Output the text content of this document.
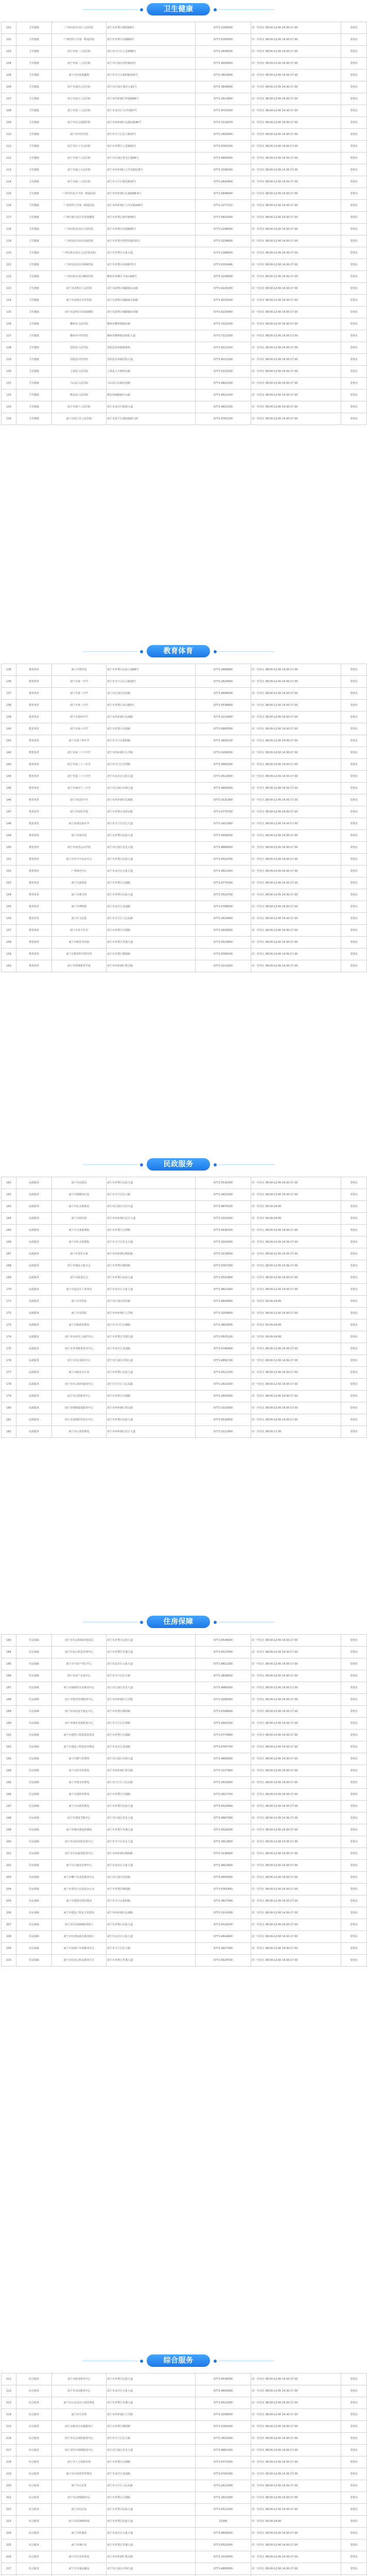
卫生健康
101	卫生健康	广西壮族自治区人民医院	南宁市青秀区桃源路6号	0771-2186000	周一至周日 08:00-12:00 14:30-17:30	受理点
102	卫生健康	广西医科大学第一附属医院	南宁市青秀区双拥路6号	0771-5356500	周一至周日 08:00-12:00 14:30-17:30	受理点
103	卫生健康	南宁市第一人民医院	南宁市兴宁区七星路89号	0771-2636500	周一至周日 08:00-12:00 14:30-17:30	受理点
104	卫生健康	南宁市第二人民医院	南宁市江南区淡村路13号	0771-4918000	周一至周日 08:00-12:00 14:30-17:30	受理点
105	卫生健康	南宁市妇幼保健院	南宁市兴宁区新阳路225号	0771-3813600	周一至周日 08:00-12:00 14:30-17:30	受理点
106	卫生健康	南宁市第四人民医院	南宁市江南区那洪大道1号	0771-3836600	周一至周日 08:00-12:00 14:30-17:30	受理点
107	卫生健康	南宁市第五人民医院	南宁市西乡塘区华强路89号	0771-2613800	周一至周日 08:00-12:00 14:30-17:30	受理点
108	卫生健康	南宁市第八人民医院	南宁市良庆区大沙田路7号	0771-4725500	周一至周日 08:00-12:00 14:30-17:30	受理点
109	卫生健康	南宁市社会福利医院	南宁市西乡塘区北湖北路46号	0771-3119070	周一至周日 08:00-12:00 14:30-17:30	受理点
110	卫生健康	南宁市中医医院	南宁市兴宁区民主路10号	0771-2829000	周一至周日 08:00-12:00 14:30-17:30	受理点
111	卫生健康	南宁市红十字会医院	南宁市青秀区七星路63号	0771-5305100	周一至周日 08:00-12:00 14:30-17:30	受理点
112	卫生健康	南宁市第六人民医院	南宁市江南区星光大道46号	0771-4850900	周一至周日 08:00-12:00 14:30-17:30	受理点
113	卫生健康	南宁市第七人民医院	南宁市西乡塘区大学东路118号	0771-3199200	周一至周日 08:00-12:00 14:30-17:30	受理点
114	卫生健康	南宁市第三人民医院	南宁市兴宁区新民路16号	0771-2826400	周一至周日 08:00-12:00 14:30-17:30	受理点
115	卫生健康	广西中医药大学第一附属医院	南宁市西乡塘区东葛路89-9号	0771-5848000	周一至周日 08:00-12:00 14:30-17:30	受理点
116	卫生健康	广西医科大学第二附属医院	南宁市西乡塘区大学东路166号	0771-3277222	周一至周日 08:00-12:00 14:30-17:30	受理点
117	卫生健康	广西壮族自治区妇幼保健院	南宁市青秀区新竹路59号	0771-5610000	周一至周日 08:00-12:00 14:30-17:30	受理点
118	卫生健康	广西壮族自治区江滨医院	南宁市青秀区河堤路85号	0771-2198000	周一至周日 08:00-12:00 14:30-17:30	受理点
119	卫生健康	广西壮族自治区民族医院	南宁市青秀区明秀东路232号	0771-3238600	周一至周日 08:00-12:00 14:30-17:30	受理点
120	卫生健康	广西壮族自治区人民医院东院	南宁市青秀区五象大道	0771-2186600	周一至周日 08:00-12:00 14:30-17:30	受理点
121	卫生健康	广西壮族自治区肿瘤医院	南宁市青秀区河堤路71号	0771-5331466	周一至周日 08:00-12:00 14:30-17:30	受理点
122	卫生健康	广西壮族自治区胸科医院	柳州市鱼峰区羊角山路8号	0772-3156000	周一至周日 08:00-12:00 14:30-17:30	受理点
123	卫生健康	南宁市武鸣区人民医院	南宁市武鸣区城厢镇友谊路	0771-6225200	周一至周日 08:00-12:00 14:30-17:30	受理点
124	卫生健康	南宁市武鸣区中医医院	南宁市武鸣区城厢镇灵源路	0771-6225300	周一至周日 08:00-12:00 14:30-17:30	受理点
125	卫生健康	南宁市武鸣区妇幼保健院	南宁市武鸣区城厢镇标营路	0771-6225400	周一至周日 08:00-12:00 14:30-17:30	受理点
126	卫生健康	横州市人民医院	横州市横州镇城东路	0771-7222100	周一至周日 08:00-12:00 14:30-17:30	受理点
127	卫生健康	横州市中医医院	横州市横州镇茉莉花大道	0771-7222200	周一至周日 08:00-12:00 14:30-17:30	受理点
128	卫生健康	宾阳县人民医院	宾阳县宾州镇新桥街	0771-8222100	周一至周日 08:00-12:00 14:30-17:30	受理点
129	卫生健康	宾阳县中医医院	宾阳县宾州镇宾阳大道	0771-8222200	周一至周日 08:00-12:00 14:30-17:30	受理点
130	卫生健康	上林县人民医院	上林县大丰镇明山路	0771-5222100	周一至周日 08:00-12:00 14:30-17:30	受理点
131	卫生健康	马山县人民医院	马山县白山镇民族路	0771-6822100	周一至周日 08:00-12:00 14:30-17:30	受理点
132	卫生健康	隆安县人民医院	隆安县城厢镇中山路	0771-6522100	周一至周日 08:00-12:00 14:30-17:30	受理点
133	卫生健康	南宁市第十人民医院	南宁市良庆区银海大道	0771-4822100	周一至周日 08:00-12:00 14:30-17:30	受理点
134	卫生健康	南宁市邕宁区人民医院	南宁市邕宁区蒲庙镇新兴街	0771-4702100	周一至周日 08:00-12:00 14:30-17:30	受理点
教育体育
135	教育体育	南宁市教育局	南宁市青秀区民族大道88号	0771-2806600	周一至周五 08:00-12:00 14:30-17:30	受理点
136	教育体育	南宁市第一中学	南宁市兴宁区民主路19号	0771-2824500	周一至周五 08:00-12:00 14:30-17:30	受理点
137	教育体育	南宁市第二中学	南宁市江南区淡村路	0771-4846000	周一至周五 08:00-12:00 14:30-17:30	受理点
138	教育体育	南宁市第三中学	南宁市青秀区青山路5号	0771-5538400	周一至周五 08:00-12:00 14:30-17:30	受理点
139	教育体育	南宁市第四中学	南宁市西乡塘区北湖路	0771-3112600	周一至周五 08:00-12:00 14:30-17:30	受理点
140	教育体育	南宁市第八中学	南宁市青秀区东葛路	0771-5863500	周一至周五 08:00-12:00 14:30-17:30	受理点
141	教育体育	南宁市第十四中学	南宁市兴宁区新阳路	0771-3816100	周一至周五 08:00-12:00 14:30-17:30	受理点
142	教育体育	南宁市第二十六中学	南宁市西乡塘区大学路	0771-3206200	周一至周五 08:00-12:00 14:30-17:30	受理点
143	教育体育	南宁市第三十三中学	南宁市兴宁区长堽路	0771-5665200	周一至周五 08:00-12:00 14:30-17:30	受理点
144	教育体育	南宁市第三十六中学	南宁市良庆区五象大道	0771-4512600	周一至周五 08:00-12:00 14:30-17:30	受理点
145	教育体育	南宁市第四十二中学	南宁市江南区壮锦大道	0771-4893000	周一至周五 08:00-12:00 14:30-17:30	受理点
146	教育体育	南宁市民族中学	南宁市西乡塘区民族路	0771-3131000	周一至周五 08:00-12:00 14:30-17:30	受理点
147	教育体育	南宁外国语学校	南宁市青秀区凤岭北路	0771-5770700	周一至周五 08:00-12:00 14:30-17:30	受理点
148	教育体育	南宁沛鸿民族中学	南宁市兴宁区昆仑大道	0771-3911900	周一至周五 08:00-12:00 14:30-17:30	受理点
149	教育体育	南宁市体育局	南宁市青秀区民族大道	0771-5658200	周一至周五 08:00-12:00 14:30-17:30	受理点
150	教育体育	南宁市体育运动学校	南宁市江南区星光大道	0771-4866800	周一至周五 08:00-12:00 14:30-17:30	受理点
151	教育体育	南宁市青少年活动中心	南宁市青秀区民族大道	0771-5519700	周一至周五 08:00-12:00 14:30-17:30	受理点
152	教育体育	广西体育中心	南宁市良庆区五象大道	0771-4811000	周一至周五 08:00-12:00 14:30-17:30	受理点
153	教育体育	南宁市游泳馆	南宁市青秀区长湖路	0771-5775200	周一至周五 08:00-12:00 14:30-17:30	受理点
154	教育体育	南宁市图书馆	南宁市青秀区民族大道	0771-5513700	周一至周五 08:00-12:00 14:30-17:30	受理点
155	教育体育	南宁市博物馆	南宁市良庆区龙堤路	0771-5798500	周一至周五 08:00-12:00 14:30-17:30	受理点
156	教育体育	南宁市文化馆	南宁市兴宁区人民东路	0771-2619400	周一至周五 08:00-12:00 14:30-17:30	受理点
157	教育体育	南宁市青少年宫	南宁市青秀区古城路	0771-2818500	周一至周五 08:00-12:00 14:30-17:30	受理点
158	教育体育	南宁市教育考试院	南宁市青秀区竹溪大道	0771-5523600	周一至周五 08:00-12:00 14:30-17:30	受理点
159	教育体育	南宁市教育科学研究所	南宁市青秀区桃源路	0771-5309100	周一至周五 08:00-12:00 14:30-17:30	受理点
160	教育体育	南宁市特殊教育学校	南宁市西乡塘区秀灵路	0771-3113200	周一至周五 08:00-12:00 14:30-17:30	受理点
民政服务
161	民政服务	南宁市民政局	南宁市青秀区民族大道	0771-5531000	周一至周五 08:00-12:00 14:30-17:30	受理点
162	民政服务	南宁市婚姻登记处	南宁市兴宁区民主路	0771-2822200	周一至周五 08:00-12:00 14:30-17:30	受理点
163	民政服务	南宁市社会救助站	南宁市江南区白沙大道	0771-4870100	周一至周日 00:00-24:00	受理点
164	民政服务	南宁市殡仪馆	南宁市西乡塘区安吉大道	0771-3110200	周一至周日 00:00-24:00	受理点
165	民政服务	南宁市儿童福利院	南宁市青秀区长堽路	0771-5630100	周一至周五 08:00-12:00 14:30-17:30	受理点
166	民政服务	南宁市社会福利院	南宁市兴宁区昆仑大道	0771-3910500	周一至周五 08:00-12:00 14:30-17:30	受理点
167	民政服务	南宁市老年公寓	南宁市西乡塘区衡阳路	0771-3133500	周一至周五 08:00-12:00 14:30-17:30	受理点
168	民政服务	南宁市残疾人联合会	南宁市青秀区桃源路	0771-5307200	周一至周五 08:00-12:00 14:30-17:30	受理点
169	民政服务	南宁市慈善总会	南宁市青秀区民族大道	0771-5510400	周一至周五 08:00-12:00 14:30-17:30	受理点
170	民政服务	南宁市退役军人事务局	南宁市良庆区五象大道	0771-4811600	周一至周五 08:00-12:00 14:30-17:30	受理点
171	民政服务	南宁市军供站	南宁市江南区淡村路	0771-4843800	周一至周日 00:00-24:00	受理点
172	民政服务	南宁市光荣院	南宁市西乡塘区大学路	0771-3203800	周一至周五 08:00-12:00 14:30-17:30	受理点
173	民政服务	南宁市救助管理站	南宁市兴宁区长湖路	0771-3822600	周一至周日 00:00-24:00	受理点
174	民政服务	南宁市未成年人保护中心	南宁市青秀区竹溪大道	0771-5525100	周一至周日 00:00-24:00	受理点
175	民政服务	南宁市养老服务指导中心	南宁市良庆区龙堤路	0771-5796400	周一至周五 08:00-12:00 14:30-17:30	受理点
176	民政服务	南宁市社区服务中心	南宁市江南区壮锦大道	0771-4891700	周一至周五 08:00-12:00 14:30-17:30	受理点
177	民政服务	南宁市地名办公室	南宁市青秀区民族大道	0771-5512700	周一至周五 08:00-12:00 14:30-17:30	受理点
178	民政服务	南宁市社会组织服务中心	南宁市兴宁区人民东路	0771-2613100	周一至周五 08:00-12:00 14:30-17:30	受理点
179	民政服务	南宁市志愿服务中心	南宁市青秀区古城路	0771-2816300	周一至周五 08:00-12:00 14:30-17:30	受理点
180	民政服务	南宁市婚姻家庭服务中心	南宁市西乡塘区秀灵路	0771-3119300	周一至周五 08:00-12:00 14:30-17:30	受理点
181	民政服务	南宁市福利彩票发行中心	南宁市青秀区民族大道	0771-5532600	周一至周五 08:00-12:00 14:30-17:30	受理点
182	民政服务	南宁市公墓管理处	南宁市西乡塘区安吉大道	0771-3111800	周一至周日 08:00-17:30	受理点
住房保障
183	住房保障	南宁市住房和城乡建设局	南宁市青秀区民族大道	0771-5539000	周一至周五 08:00-12:00 14:30-17:30	受理点
184	住房保障	南宁住房公积金管理中心	南宁市青秀区竹溪大道	0771-5527000	周一至周五 08:00-12:00 14:30-17:30	受理点
185	住房保障	南宁市不动产登记中心	南宁市良庆区五象大道	0771-4812200	周一至周五 08:00-12:00 14:30-17:30	受理点
186	住房保障	南宁市房产交易中心	南宁市兴宁区民主路	0771-2828000	周一至周五 08:00-12:00 14:30-17:30	受理点
187	住房保障	南宁市保障性住房服务中心	南宁市江南区星光大道	0771-4860500	周一至周五 08:00-12:00 14:30-17:30	受理点
188	住房保障	南宁市物业管理服务中心	南宁市西乡塘区大学路	0771-3208300	周一至周五 08:00-12:00 14:30-17:30	受理点
189	住房保障	南宁市房屋安全鉴定中心	南宁市青秀区桃源路	0771-5308600	周一至周五 08:00-12:00 14:30-17:30	受理点
190	住房保障	南宁市城市更新服务中心	南宁市兴宁区长堽路	0771-5663100	周一至周五 08:00-12:00 14:30-17:30	受理点
191	住房保障	南宁市建筑工程质量监督站	南宁市青秀区长湖路	0771-5773800	周一至周五 08:00-12:00 14:30-17:30	受理点
192	住房保障	南宁市建设工程造价管理站	南宁市良庆区龙堤路	0771-5797700	周一至周五 08:00-12:00 14:30-17:30	受理点
193	住房保障	南宁市燃气管理所	南宁市江南区壮锦大道	0771-4892600	周一至周五 08:00-12:00 14:30-17:30	受理点
194	住房保障	南宁市供水管理处	南宁市西乡塘区秀灵路	0771-3117900	周一至周五 08:00-12:00 14:30-17:30	受理点
195	住房保障	南宁市排水管理处	南宁市兴宁区人民东路	0771-2615800	周一至周五 08:00-12:00 14:30-17:30	受理点
196	住房保障	南宁市园林管理局	南宁市青秀区古城路	0771-2817700	周一至周五 08:00-12:00 14:30-17:30	受理点
197	住房保障	南宁市市政管理处	南宁市青秀区民族大道	0771-5514900	周一至周五 08:00-12:00 14:30-17:30	受理点
198	住房保障	南宁市建筑节能中心	南宁市江南区星光大道	0771-4867300	周一至周五 08:00-12:00 14:30-17:30	受理点
199	住房保障	南宁市城市建设档案馆	南宁市青秀区竹溪大道	0771-5526200	周一至周五 08:00-12:00 14:30-17:30	受理点
200	住房保障	南宁市房屋征收补偿中心	南宁市兴宁区昆仑大道	0771-3912800	周一至周五 08:00-12:00 14:30-17:30	受理点
201	住房保障	南宁市住房租赁服务中心	南宁市西乡塘区衡阳路	0771-3136400	周一至周五 08:00-12:00 14:30-17:30	受理点
202	住房保障	南宁市公租房管理中心	南宁市良庆区五象大道	0771-4813900	周一至周五 08:00-12:00 14:30-17:30	受理点
203	住房保障	南宁市棚户区改造服务中心	南宁市江南区淡村路	0771-4847600	周一至周五 08:00-12:00 14:30-17:30	受理点
204	住房保障	南宁市老旧小区改造办公室	南宁市青秀区桃源路	0771-5301800	周一至周五 08:00-12:00 14:30-17:30	受理点
205	住房保障	南宁市建筑市场管理站	南宁市兴宁区新阳路	0771-3817400	周一至周五 08:00-12:00 14:30-17:30	受理点
206	住房保障	南宁市建设工程安全监督站	南宁市西乡塘区北湖路	0771-3114300	周一至周五 08:00-12:00 14:30-17:30	受理点
207	住房保障	南宁市住房保障服务窗口	南宁市青秀区民族大道	0771-5518200	周一至周五 08:00-12:00 14:30-17:30	受理点
208	住房保障	南宁市住建局政务服务窗口	南宁市良庆区五象大道	0771-4814600	周一至周五 08:00-12:00 14:30-17:30	受理点
209	住房保障	南宁市房地产市场服务中心	南宁市兴宁区民主路	0771-2827300	周一至周五 08:00-12:00 14:30-17:30	受理点
210	住房保障	南宁市住房公积金服务大厅	南宁市青秀区竹溪大道	0771-5524700	周一至周五 08:00-12:00 14:30-17:30	受理点
综合服务
211	综合服务	南宁市政务服务中心	南宁市青秀区民族大道	0771-5536000	周一至周日 08:00-12:00 14:30-17:30	受理点
212	综合服务	南宁市市民服务中心	南宁市良庆区五象大道	0771-4815000	周一至周日 08:00-12:00 14:30-17:30	受理点
213	综合服务	南宁市公安局出入境管理处	南宁市青秀区竹溪大道	0771-5521000	周一至周日 08:00-12:00 14:30-17:30	受理点
214	综合服务	南宁市车管所	南宁市西乡塘区大学路	0771-3209000	周一至周日 08:00-12:00 14:30-17:30	受理点
215	综合服务	南宁市税务局办税服务厅	南宁市青秀区桃源路	0771-5302000	周一至周日 08:00-12:00 14:30-17:30	受理点
216	综合服务	南宁市社会保险服务中心	南宁市兴宁区民主路	0771-2821000	周一至周日 08:00-12:00 14:30-17:30	受理点
217	综合服务	南宁市医疗保障服务中心	南宁市江南区星光大道	0771-4861000	周一至周日 08:00-12:00 14:30-17:30	受理点
218	综合服务	南宁市人力资源市场	南宁市青秀区长湖路	0771-5771000	周一至周日 08:00-12:00 14:30-17:30	受理点
219	综合服务	南宁市市场监督管理局	南宁市良庆区龙堤路	0771-5791000	周一至周日 08:00-12:00 14:30-17:30	受理点
220	综合服务	南宁市公证处	南宁市兴宁区人民东路	0771-2611000	周一至周日 08:00-12:00 14:30-17:30	受理点
221	综合服务	南宁市法律援助中心	南宁市青秀区古城路	0771-2811000	周一至周日 08:00-12:00 14:30-17:30	受理点
222	综合服务	南宁市信访局	南宁市青秀区民族大道	0771-5511000	周一至周五 08:00-12:00 14:30-17:30	受理点
223	综合服务	南宁市12345热线	南宁市青秀区民族大道	12345	周一至周日 00:00-24:00	受理点
224	综合服务	南宁市档案馆	南宁市良庆区五象大道	0771-4816000	周一至周五 08:00-12:00 14:30-17:30	受理点
225	综合服务	南宁市统计局	南宁市青秀区竹溪大道	0771-5522000	周一至周五 08:00-12:00 14:30-17:30	受理点
226	综合服务	南宁市生态环境局	南宁市西乡塘区秀灵路	0771-3116000	周一至周五 08:00-12:00 14:30-17:30	受理点
227	综合服务	南宁市交通运输局	南宁市江南区壮锦大道	0771-4895000	周一至周五 08:00-12:00 14:30-17:30	受理点
